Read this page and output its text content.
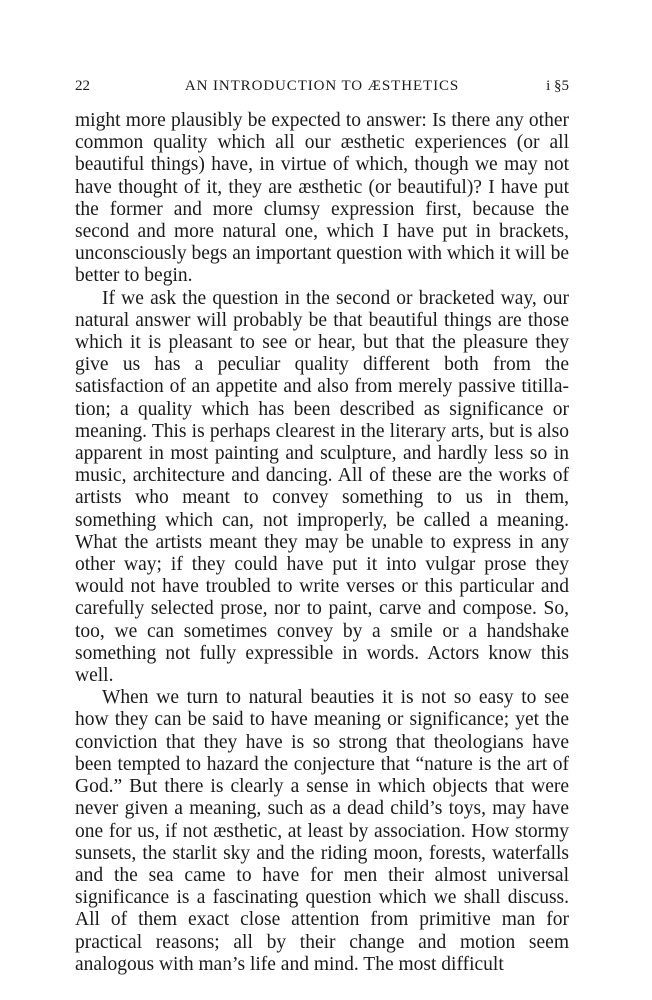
22	AN INTRODUCTION TO ÆSTHETICS	i §5

might more plausibly be expected to answer: Is there any other common quality which all our æsthetic experiences (or all beautiful things) have, in virtue of which, though we may not have thought of it, they are æsthetic (or beautiful)? I have put the former and more clumsy expression first, because the second and more natural one, which I have put in brackets, unconsciously begs an important question with which it will be better to begin.

If we ask the question in the second or bracketed way, our natural answer will probably be that beautiful things are those which it is pleasant to see or hear, but that the pleasure they give us has a peculiar quality different both from the satisfaction of an appetite and also from merely passive titillation; a quality which has been described as significance or meaning. This is perhaps clearest in the literary arts, but is also apparent in most painting and sculpture, and hardly less so in music, architecture and dancing. All of these are the works of artists who meant to convey something to us in them, something which can, not improperly, be called a meaning. What the artists meant they may be unable to express in any other way; if they could have put it into vulgar prose they would not have troubled to write verses or this particular and carefully selected prose, nor to paint, carve and compose. So, too, we can sometimes convey by a smile or a handshake something not fully expressible in words. Actors know this well.

When we turn to natural beauties it is not so easy to see how they can be said to have meaning or significance; yet the conviction that they have is so strong that theologians have been tempted to hazard the conjecture that “nature is the art of God.” But there is clearly a sense in which objects that were never given a meaning, such as a dead child’s toys, may have one for us, if not æsthetic, at least by association. How stormy sunsets, the starlit sky and the riding moon, forests, waterfalls and the sea came to have for men their almost universal significance is a fascinating question which we shall discuss. All of them exact close attention from primitive man for practical reasons; all by their change and motion seem analogous with man’s life and mind. The most difficult
